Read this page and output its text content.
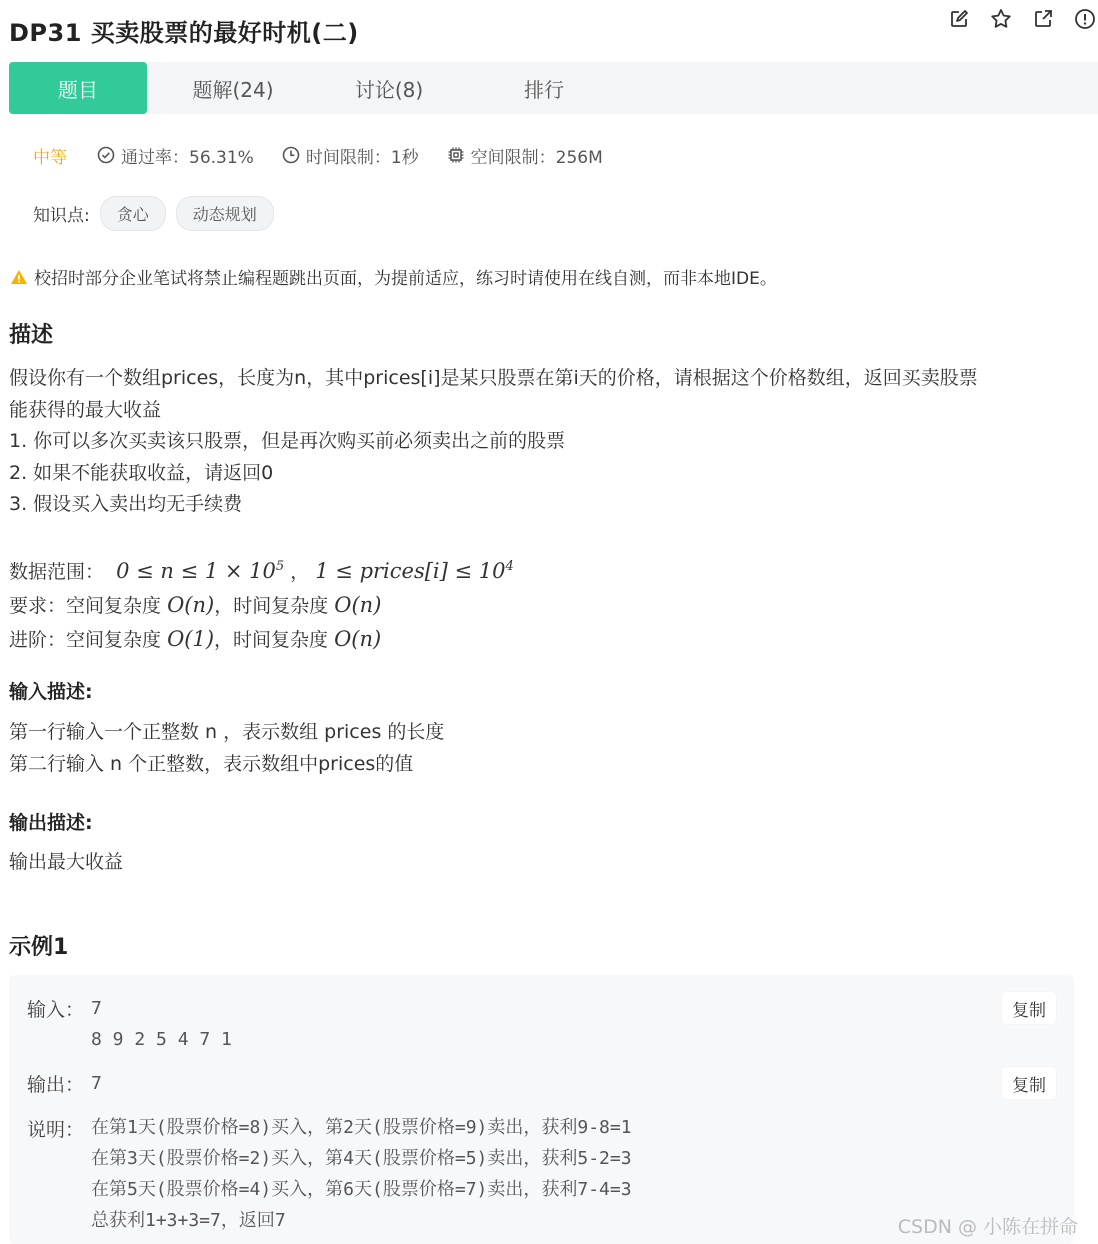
DP31 买卖股票的最好时机(二)
题目	题解(24)	讨论(8)	排行
中等	通过率：56.31%	时间限制：1秒	空间限制：256M
知识点:	贪心	动态规划
校招时部分企业笔试将禁止编程题跳出页面，为提前适应，练习时请使用在线自测，而非本地IDE。
描述
假设你有一个数组prices，长度为n，其中prices[i]是某只股票在第i天的价格，请根据这个价格数组，返回买卖股票
能获得的最大收益
1. 你可以多次买卖该只股票，但是再次购买前必须卖出之前的股票
2. 如果不能获取收益，请返回0
3. 假设买入卖出均无手续费
数据范围： $0 \le n \le 1 \times 10^5$ ， 1 ≤ prices[i] ≤ $10^4$
要求：空间复杂度 O(n)，时间复杂度 O(n)
进阶：空间复杂度 O(1)，时间复杂度 O(n)
输入描述:
第一行输入一个正整数 n ，表示数组 prices 的长度
第二行输入 n 个正整数，表示数组中prices的值
输出描述:
输出最大收益
示例1
输入： 7
8 9 2 5 4 7 1
复制
输出： 7	复制
说明： 在第1天(股票价格=8)买入，第2天(股票价格=9)卖出，获利9-8=1
在第3天(股票价格=2)买入，第4天(股票价格=5)卖出，获利5-2=3
在第5天(股票价格=4)买入，第6天(股票价格=7)卖出，获利7-4=3
总获利1+3+3=7，返回7	CSDN @ 小陈在拼命
